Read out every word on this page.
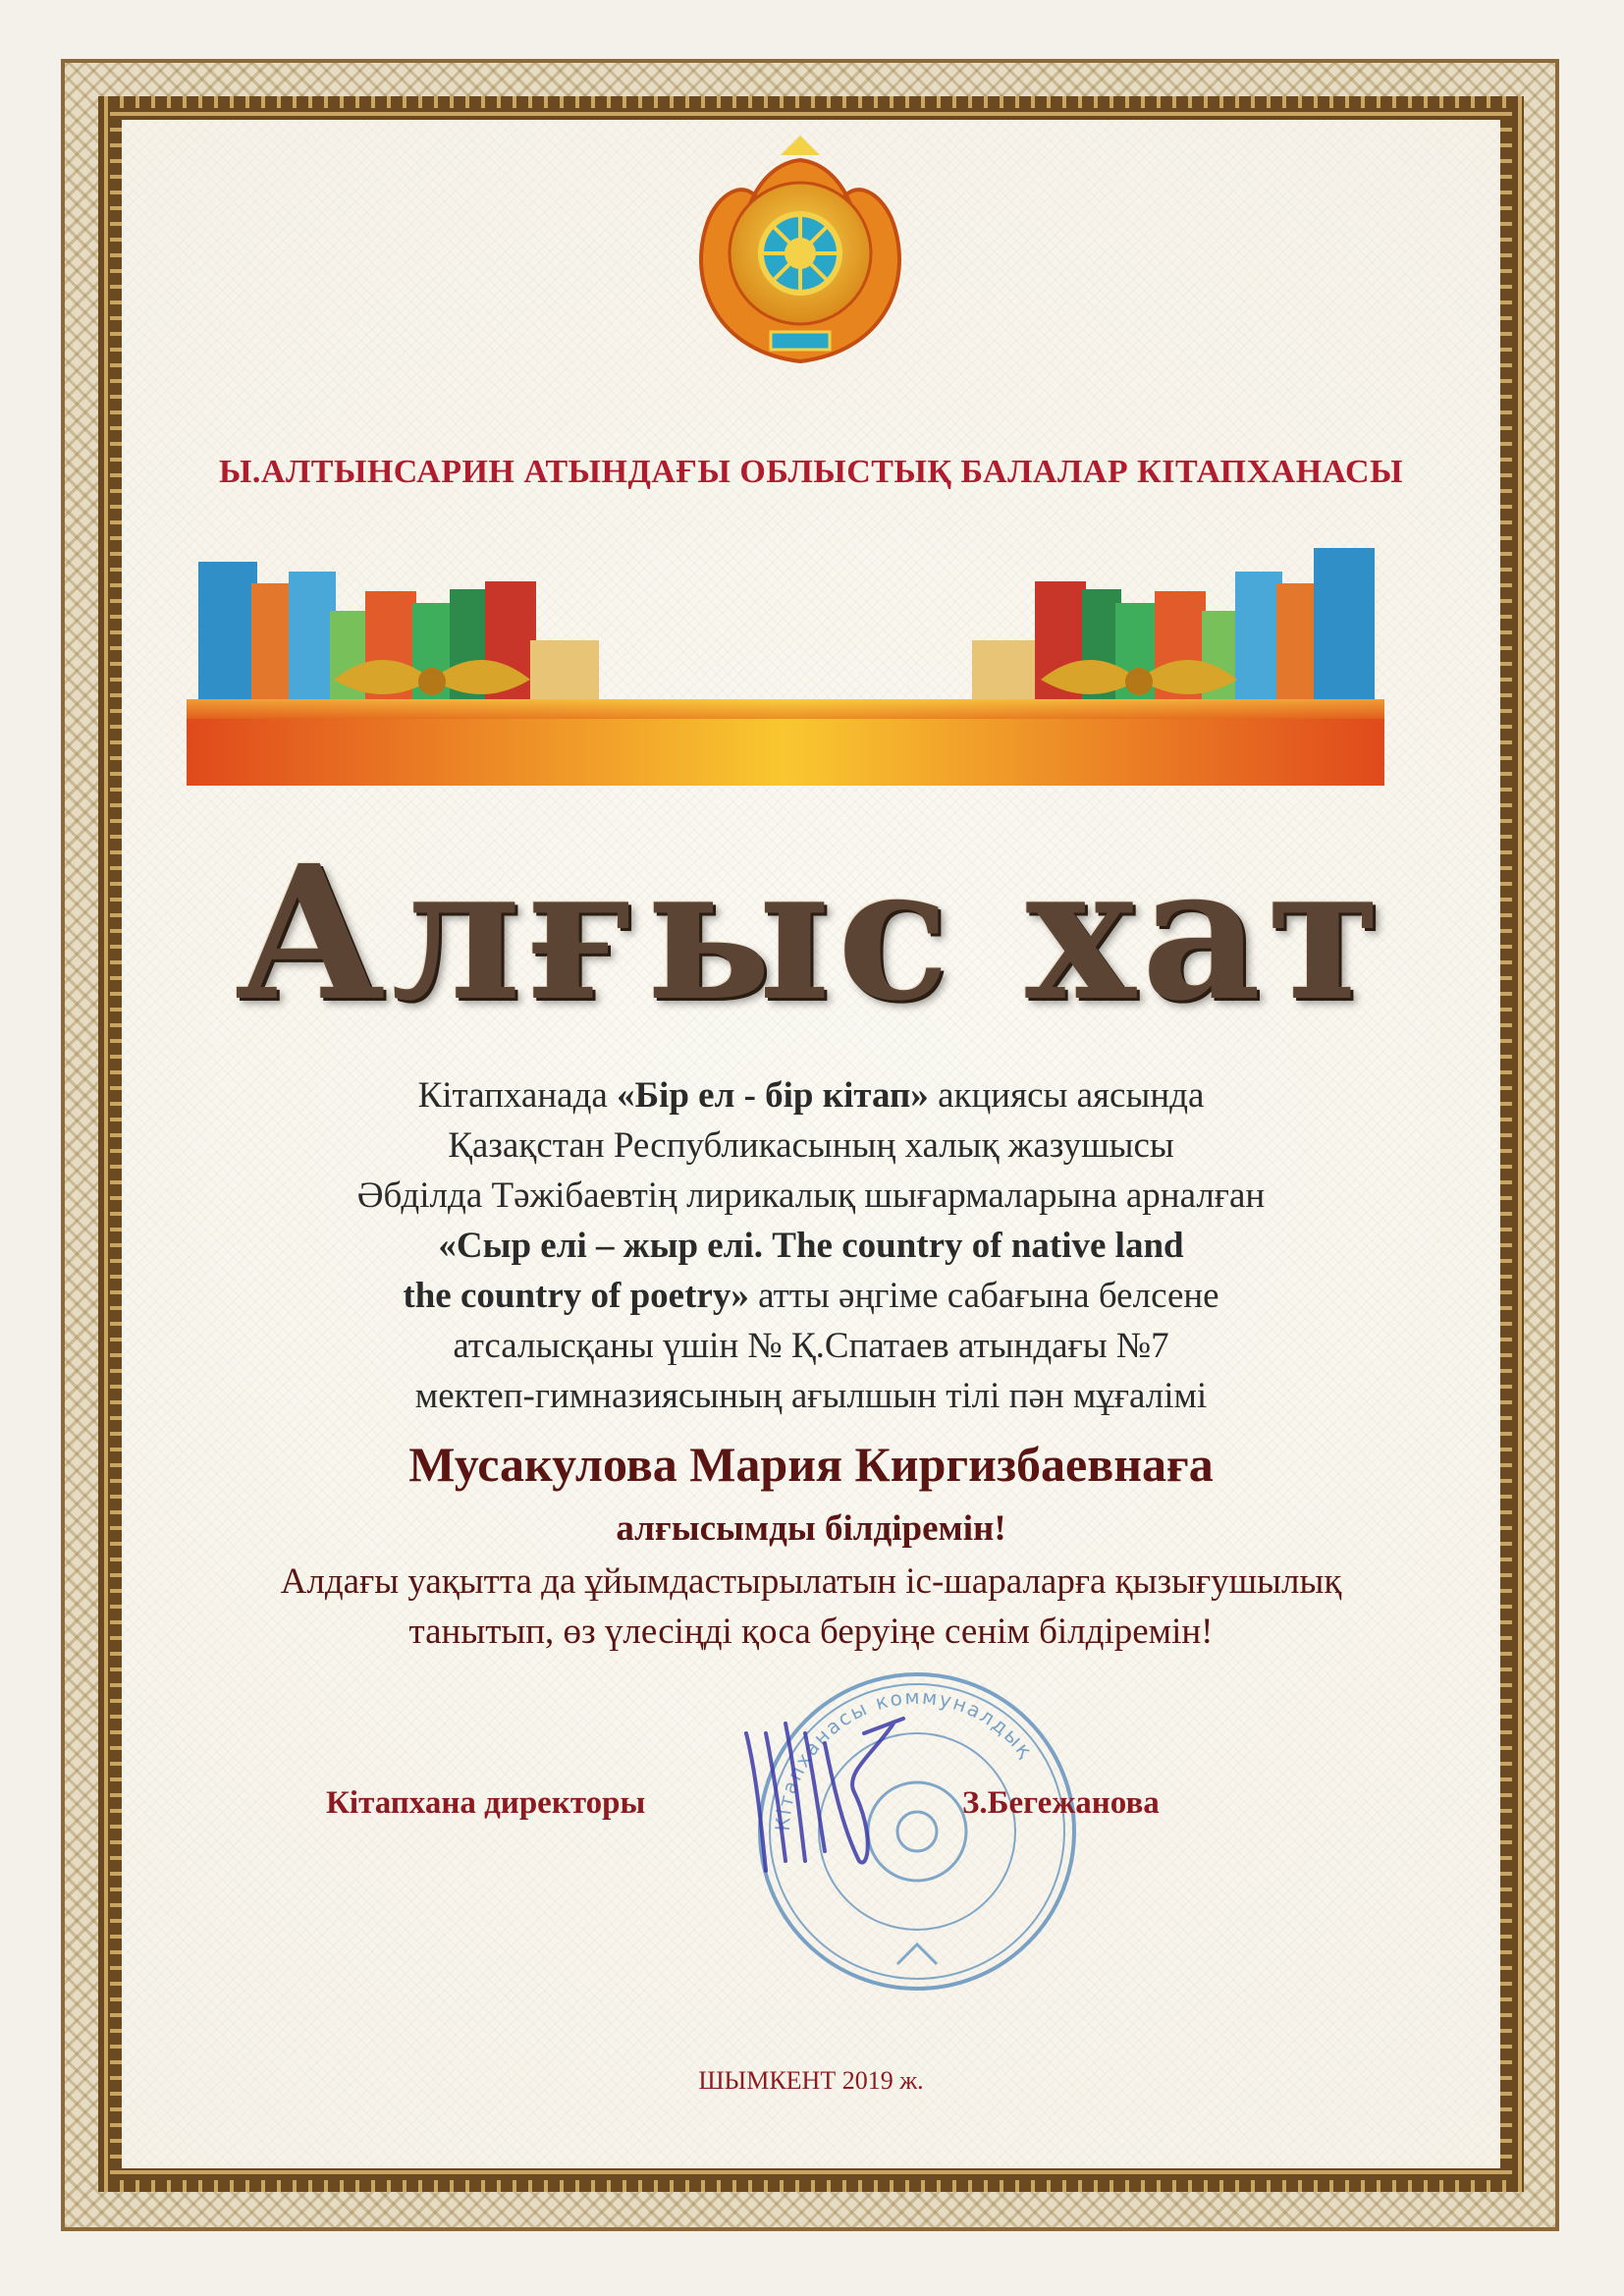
Ы.АЛТЫНСАРИН АТЫНДАҒЫ ОБЛЫСТЫҚ БАЛАЛАР КІТАПХАНАСЫ
Алғыс хат
Кітапханада «Бір ел - бір кітап» акциясы аясында
Қазақстан Республикасының халық жазушысы
Әбділда Тәжібаевтің лирикалық шығармаларына арналған
«Сыр елі – жыр елі. The country of native land
the country of poetry» атты әңгіме сабағына белсене
атсалысқаны үшін № Қ.Спатаев атындағы №7
мектеп-гимназиясының ағылшын тілі пән мұғалімі
Мусакулова Мария Киргизбаевнаға
алғысымды білдіремін!
Алдағы уақытта да ұйымдастырылатын іс-шараларға қызығушылық
танытып, өз үлесіңді қоса беруіңе сенім білдіремін!
Кітапханасы коммуналдық
Кітапхана директоры	З.Бегежанова
ШЫМКЕНТ 2019 ж.
